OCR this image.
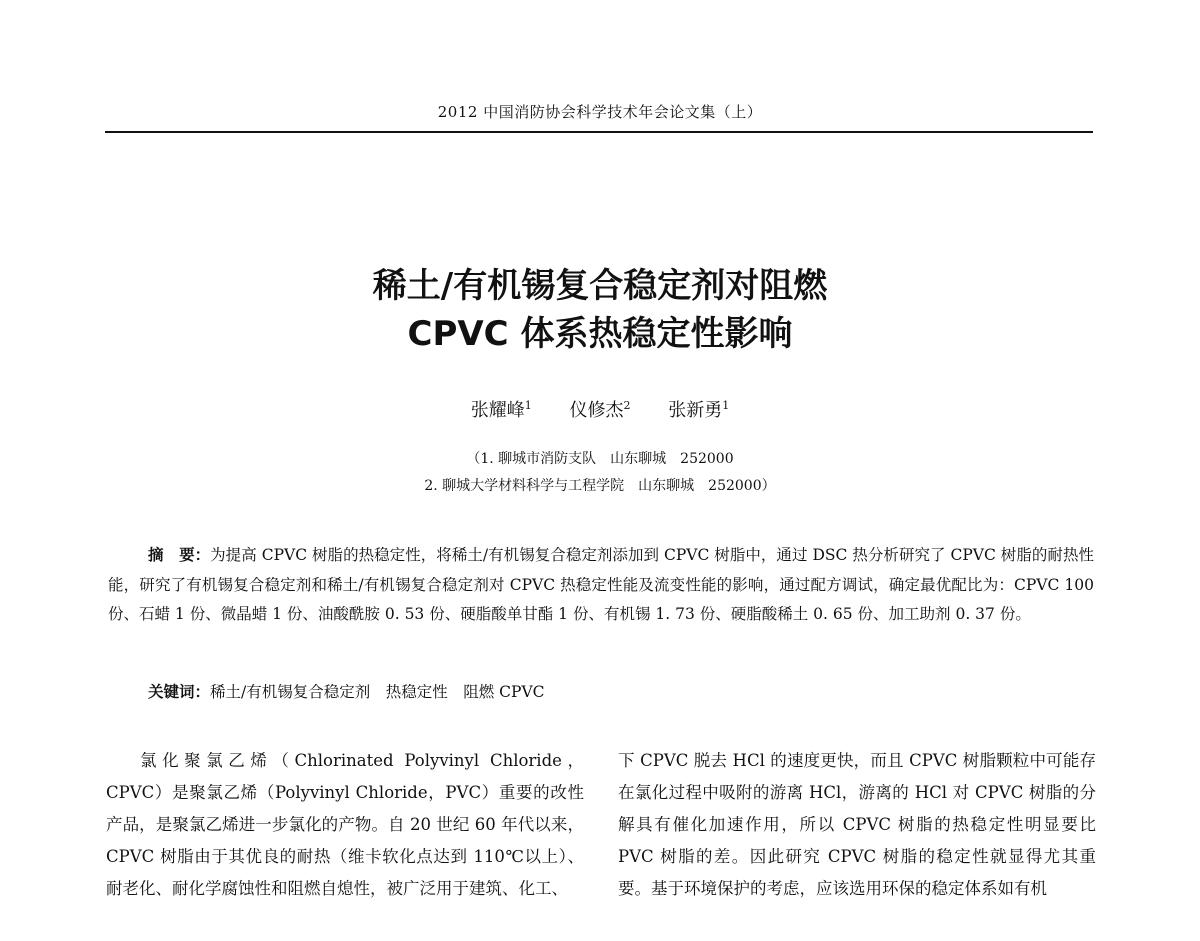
2012 中国消防协会科学技术年会论文集（上）
稀土/有机锡复合稳定剂对阻燃
CPVC 体系热稳定性影响
张耀峰$^1$ 仪修杰$^2$ 张新勇$^1$
（1. 聊城市消防支队　山东聊城　252000
2. 聊城大学材料科学与工程学院　山东聊城　252000）
摘　要：为提高 CPVC 树脂的热稳定性，将稀土/有机锡复合稳定剂添加到 CPVC 树脂中，通过 DSC 热分析研究了 CPVC 树脂的耐热性能，研究了有机锡复合稳定剂和稀土/有机锡复合稳定剂对 CPVC 热稳定性能及流变性能的影响，通过配方调试，确定最优配比为：CPVC 100 份、石蜡 1 份、微晶蜡 1 份、油酸酰胺 0. 53 份、硬脂酸单甘酯 1 份、有机锡 1. 73 份、硬脂酸稀土 0. 65 份、加工助剂 0. 37 份。
关键词：稀土/有机锡复合稳定剂　热稳定性　阻燃 CPVC
氯化聚氯乙烯（Chlorinated Polyvinyl Chloride，CPVC）是聚氯乙烯（Polyvinyl Chloride，PVC）重要的改性产品，是聚氯乙烯进一步氯化的产物。自 20 世纪 60 年代以来，CPVC 树脂由于其优良的耐热（维卡软化点达到 110℃以上）、耐老化、耐化学腐蚀性和阻燃自熄性，被广泛用于建筑、化工、
下 CPVC 脱去 HCl 的速度更快，而且 CPVC 树脂颗粒中可能存在氯化过程中吸附的游离 HCl，游离的 HCl 对 CPVC 树脂的分解具有催化加速作用，所以 CPVC 树脂的热稳定性明显要比 PVC 树脂的差。因此研究 CPVC 树脂的稳定性就显得尤其重要。基于环境保护的考虑，应该选用环保的稳定体系如有机
